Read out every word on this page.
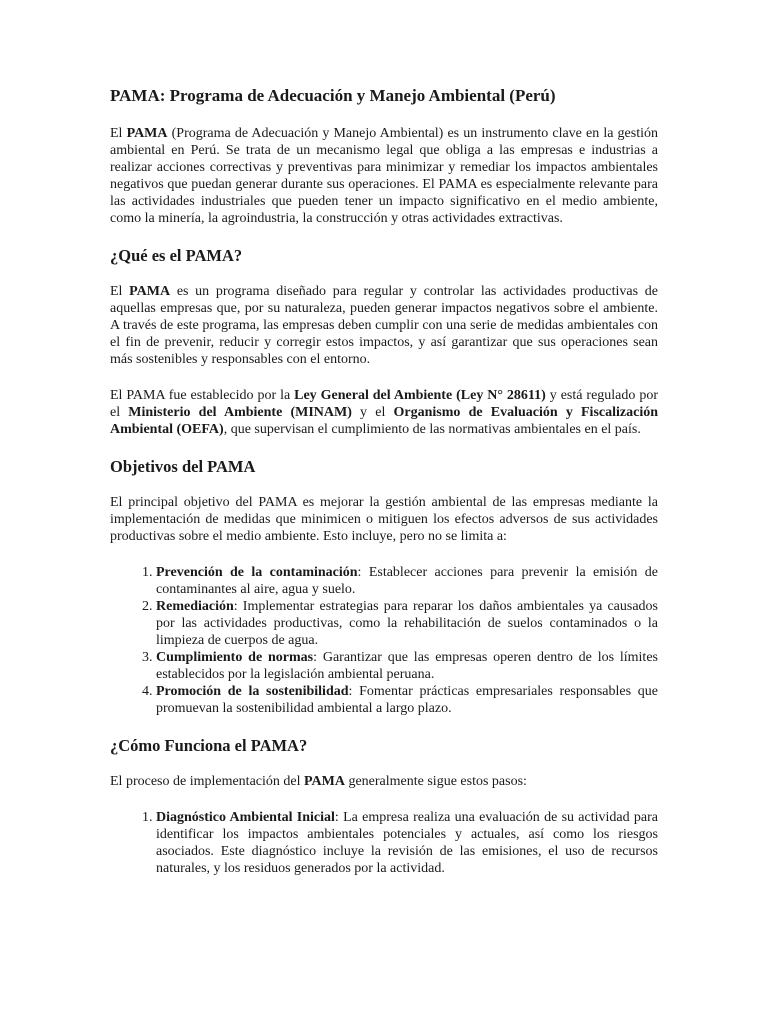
PAMA: Programa de Adecuación y Manejo Ambiental (Perú)

El PAMA (Programa de Adecuación y Manejo Ambiental) es un instrumento clave en la gestión ambiental en Perú. Se trata de un mecanismo legal que obliga a las empresas e industrias a realizar acciones correctivas y preventivas para minimizar y remediar los impactos ambientales negativos que puedan generar durante sus operaciones. El PAMA es especialmente relevante para las actividades industriales que pueden tener un impacto significativo en el medio ambiente, como la minería, la agroindustria, la construcción y otras actividades extractivas.

¿Qué es el PAMA?

El PAMA es un programa diseñado para regular y controlar las actividades productivas de aquellas empresas que, por su naturaleza, pueden generar impactos negativos sobre el ambiente. A través de este programa, las empresas deben cumplir con una serie de medidas ambientales con el fin de prevenir, reducir y corregir estos impactos, y así garantizar que sus operaciones sean más sostenibles y responsables con el entorno.

El PAMA fue establecido por la Ley General del Ambiente (Ley N° 28611) y está regulado por el Ministerio del Ambiente (MINAM) y el Organismo de Evaluación y Fiscalización Ambiental (OEFA), que supervisan el cumplimiento de las normativas ambientales en el país.

Objetivos del PAMA

El principal objetivo del PAMA es mejorar la gestión ambiental de las empresas mediante la implementación de medidas que minimicen o mitiguen los efectos adversos de sus actividades productivas sobre el medio ambiente. Esto incluye, pero no se limita a:

1. Prevención de la contaminación: Establecer acciones para prevenir la emisión de contaminantes al aire, agua y suelo.
2. Remediación: Implementar estrategias para reparar los daños ambientales ya causados por las actividades productivas, como la rehabilitación de suelos contaminados o la limpieza de cuerpos de agua.
3. Cumplimiento de normas: Garantizar que las empresas operen dentro de los límites establecidos por la legislación ambiental peruana.
4. Promoción de la sostenibilidad: Fomentar prácticas empresariales responsables que promuevan la sostenibilidad ambiental a largo plazo.
¿Cómo Funciona el PAMA?

El proceso de implementación del PAMA generalmente sigue estos pasos:

1. Diagnóstico Ambiental Inicial: La empresa realiza una evaluación de su actividad para identificar los impactos ambientales potenciales y actuales, así como los riesgos asociados. Este diagnóstico incluye la revisión de las emisiones, el uso de recursos naturales, y los residuos generados por la actividad.
